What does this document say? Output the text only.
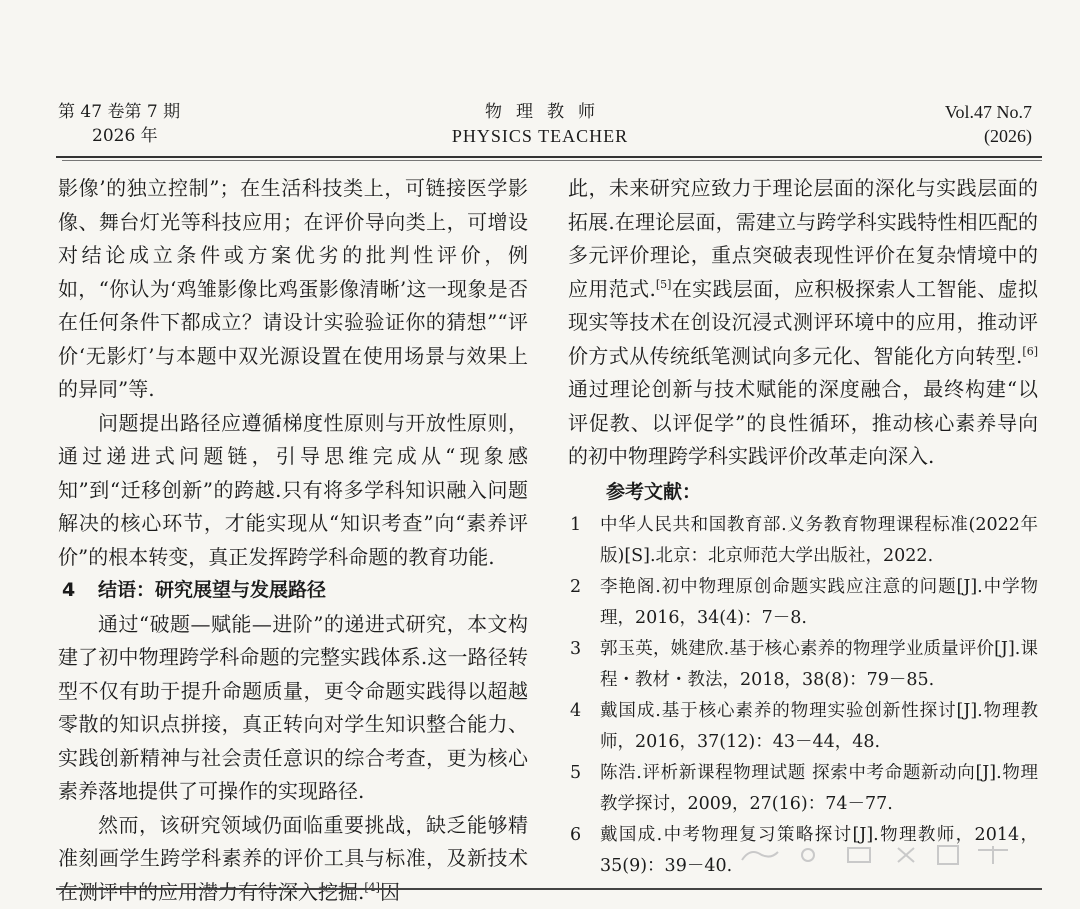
第 47 卷第 7 期
2026 年
物理教师
PHYSICS TEACHER
Vol.47 No.7
(2026)

影像’的独立控制”；在生活科技类上，可链接医学影像、舞台灯光等科技应用；在评价导向类上，可增设对结论成立条件或方案优劣的批判性评价，例如，“你认为‘鸡雏影像比鸡蛋影像清晰’这一现象是否在任何条件下都成立？请设计实验验证你的猜想”“评价‘无影灯’与本题中双光源设置在使用场景与效果上的异同”等.

问题提出路径应遵循梯度性原则与开放性原则，通过递进式问题链，引导思维完成从“现象感知”到“迁移创新”的跨越.只有将多学科知识融入问题解决的核心环节，才能实现从“知识考查”向“素养评价”的根本转变，真正发挥跨学科命题的教育功能.

4 结语：研究展望与发展路径

通过“破题—赋能—进阶”的递进式研究，本文构建了初中物理跨学科命题的完整实践体系.这一路径转型不仅有助于提升命题质量，更令命题实践得以超越零散的知识点拼接，真正转向对学生知识整合能力、实践创新精神与社会责任意识的综合考查，更为核心素养落地提供了可操作的实现路径.

然而，该研究领域仍面临重要挑战，缺乏能够精准刻画学生跨学科素养的评价工具与标准，及新技术在测评中的应用潜力有待深入挖掘.[4]因

此，未来研究应致力于理论层面的深化与实践层面的拓展.在理论层面，需建立与跨学科实践特性相匹配的多元评价理论，重点突破表现性评价在复杂情境中的应用范式.[5]在实践层面，应积极探索人工智能、虚拟现实等技术在创设沉浸式测评环境中的应用，推动评价方式从传统纸笔测试向多元化、智能化方向转型.[6]通过理论创新与技术赋能的深度融合，最终构建“以评促教、以评促学”的良性循环，推动核心素养导向的初中物理跨学科实践评价改革走向深入.

参考文献：
1	中华人民共和国教育部.义务教育物理课程标准(2022年版)[S].北京：北京师范大学出版社，2022.
2	李艳阁.初中物理原创命题实践应注意的问题[J].中学物理，2016，34(4)：7－8.
3	郭玉英，姚建欣.基于核心素养的物理学业质量评价[J].课程・教材・教法，2018，38(8)：79－85.
4	戴国成.基于核心素养的物理实验创新性探讨[J].物理教师，2016，37(12)：43－44，48.
5	陈浩.评析新课程物理试题 探索中考命题新动向[J].物理教学探讨，2009，27(16)：74－77.
6	戴国成.中考物理复习策略探讨[J].物理教师，2014，35(9)：39－40.
